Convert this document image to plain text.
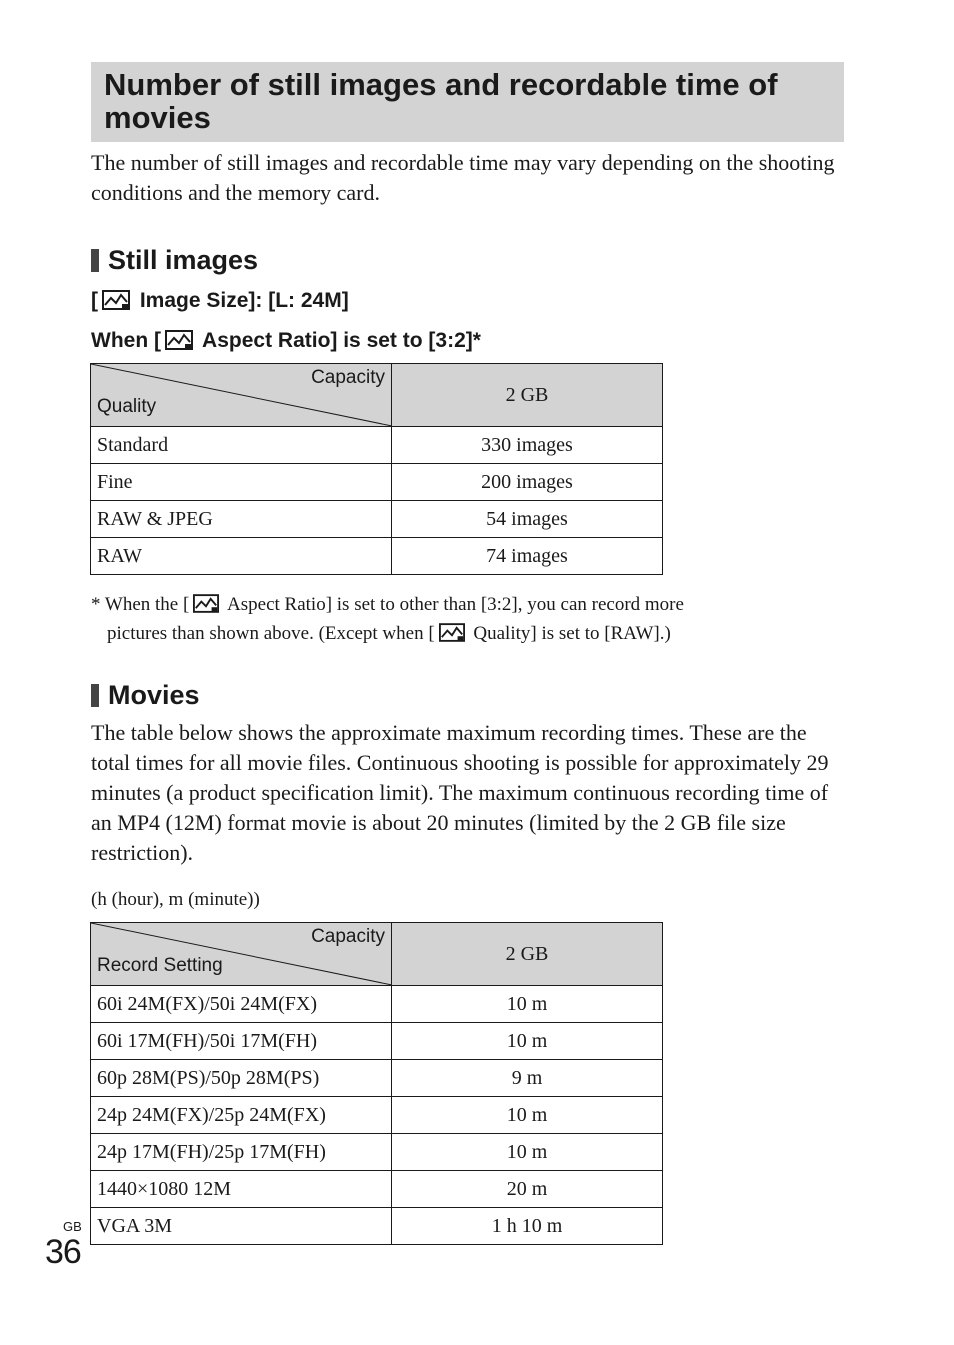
Number of still images and recordable time of movies
The number of still images and recordable time may vary depending on the shooting conditions and the memory card.
Still images
[
Image Size]: [L: 24M]
When [
Aspect Ratio] is set to [3:2]*
Capacity
Quality	2 GB
Standard	330 images
Fine	200 images
RAW & JPEG	54 images
RAW	74 images
* When the [
Aspect Ratio] is set to other than [3:2], you can record more
pictures than shown above. (Except when [
Quality] is set to [RAW].)
Movies
The table below shows the approximate maximum recording times. These are the total times for all movie files. Continuous shooting is possible for approximately 29 minutes (a product specification limit). The maximum continuous recording time of an MP4 (12M) format movie is about 20 minutes (limited by the 2 GB file size restriction).
(h (hour), m (minute))
Capacity
Record Setting	2 GB
60i 24M(FX)/50i 24M(FX)	10 m
60i 17M(FH)/50i 17M(FH)	10 m
60p 28M(PS)/50p 28M(PS)	9 m
24p 24M(FX)/25p 24M(FX)	10 m
24p 17M(FH)/25p 17M(FH)	10 m
1440×1080 12M	20 m
VGA 3M	1 h 10 m
GB
36
